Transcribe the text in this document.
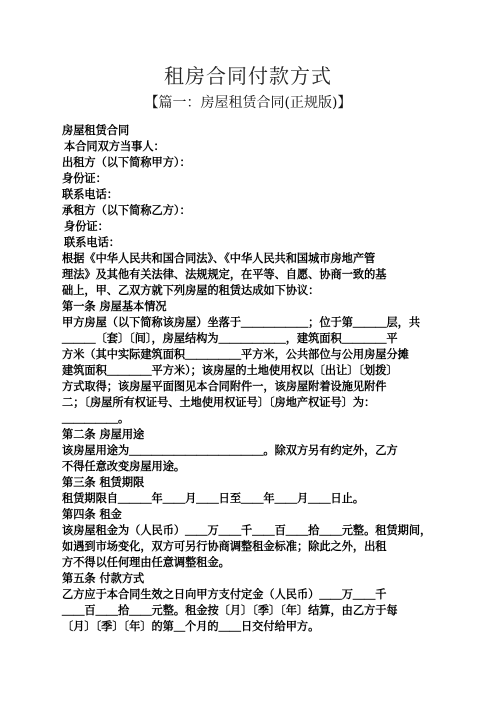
租房合同付款方式
【篇一：房屋租赁合同(正规版)】

房屋租赁合同

本合同双方当事人：

出租方（以下简称甲方）：

身份证：

联系电话：

承租方（以下简称乙方）：

身份证：

联系电话：

根据《中华人民共和国合同法》、《中华人民共和国城市房地产管

理法》及其他有关法律、法规规定，在平等、自愿、协商一致的基

础上，甲、乙双方就下列房屋的租赁达成如下协议：

第一条 房屋基本情况

甲方房屋（以下简称该房屋）坐落于＿＿＿＿＿＿；位于第＿＿＿层，共

＿＿＿〔套〕〔间〕，房屋结构为＿＿＿＿＿＿，建筑面积＿＿＿＿平

方米（其中实际建筑面积＿＿＿＿＿平方米，公共部位与公用房屋分摊

建筑面积＿＿＿＿平方米）；该房屋的土地使用权以〔出让〕〔划拨〕

方式取得；该房屋平面图见本合同附件一，该房屋附着设施见附件

二；〔房屋所有权证号、土地使用权证号〕〔房地产权证号〕为：

＿＿＿＿＿。

第二条 房屋用途

该房屋用途为＿＿＿＿＿＿＿＿＿＿＿＿。除双方另有约定外，乙方

不得任意改变房屋用途。

第三条 租赁期限

租赁期限自＿＿＿年＿＿月＿＿日至＿＿年＿＿月＿＿日止。

第四条 租金

该房屋租金为（人民币）＿＿万＿＿千＿＿百＿＿拾＿＿元整。租赁期间，

如遇到市场变化，双方可另行协商调整租金标准；除此之外，出租

方不得以任何理由任意调整租金。

第五条 付款方式

乙方应于本合同生效之日向甲方支付定金（人民币）＿＿万＿＿千

＿＿百＿＿拾＿＿元整。租金按〔月〕〔季〕〔年〕结算，由乙方于每

〔月〕〔季〕〔年〕的第＿个月的＿＿日交付给甲方。
